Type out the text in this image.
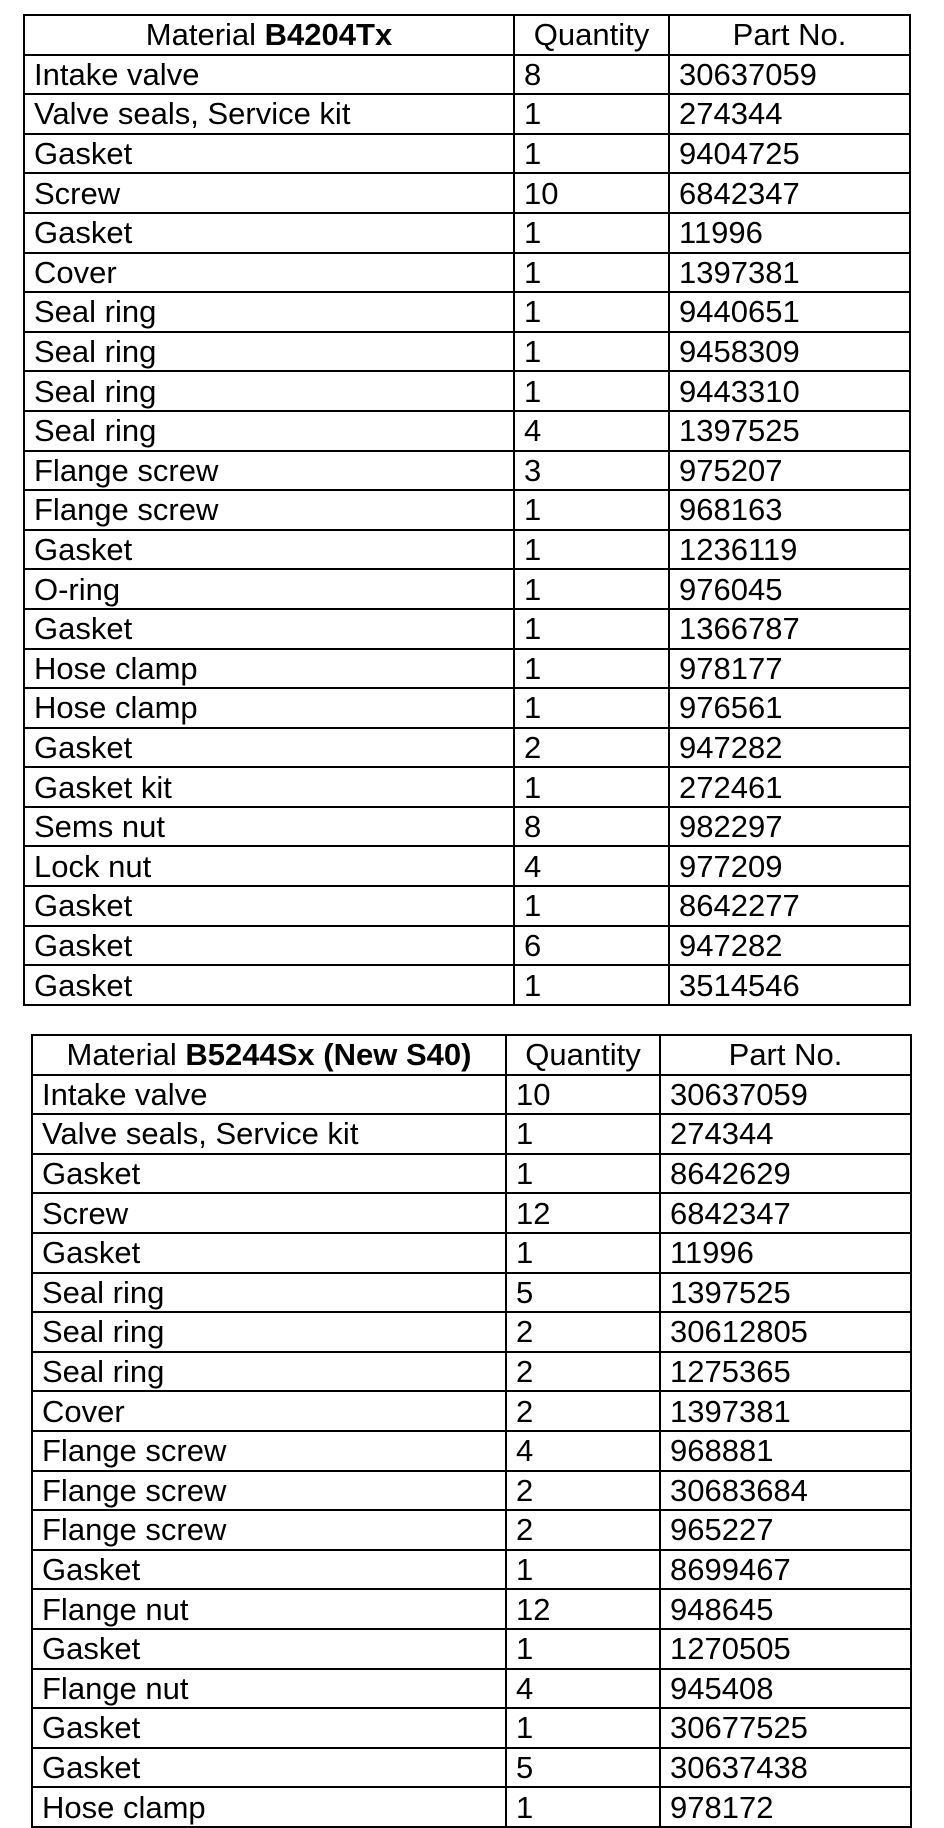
Material B4204Tx	Quantity	Part No.
Intake valve	8	30637059
Valve seals, Service kit	1	274344
Gasket	1	9404725
Screw	10	6842347
Gasket	1	11996
Cover	1	1397381
Seal ring	1	9440651
Seal ring	1	9458309
Seal ring	1	9443310
Seal ring	4	1397525
Flange screw	3	975207
Flange screw	1	968163
Gasket	1	1236119
O-ring	1	976045
Gasket	1	1366787
Hose clamp	1	978177
Hose clamp	1	976561
Gasket	2	947282
Gasket kit	1	272461
Sems nut	8	982297
Lock nut	4	977209
Gasket	1	8642277
Gasket	6	947282
Gasket	1	3514546
Material B5244Sx (New S40)	Quantity	Part No.
Intake valve	10	30637059
Valve seals, Service kit	1	274344
Gasket	1	8642629
Screw	12	6842347
Gasket	1	11996
Seal ring	5	1397525
Seal ring	2	30612805
Seal ring	2	1275365
Cover	2	1397381
Flange screw	4	968881
Flange screw	2	30683684
Flange screw	2	965227
Gasket	1	8699467
Flange nut	12	948645
Gasket	1	1270505
Flange nut	4	945408
Gasket	1	30677525
Gasket	5	30637438
Hose clamp	1	978172
